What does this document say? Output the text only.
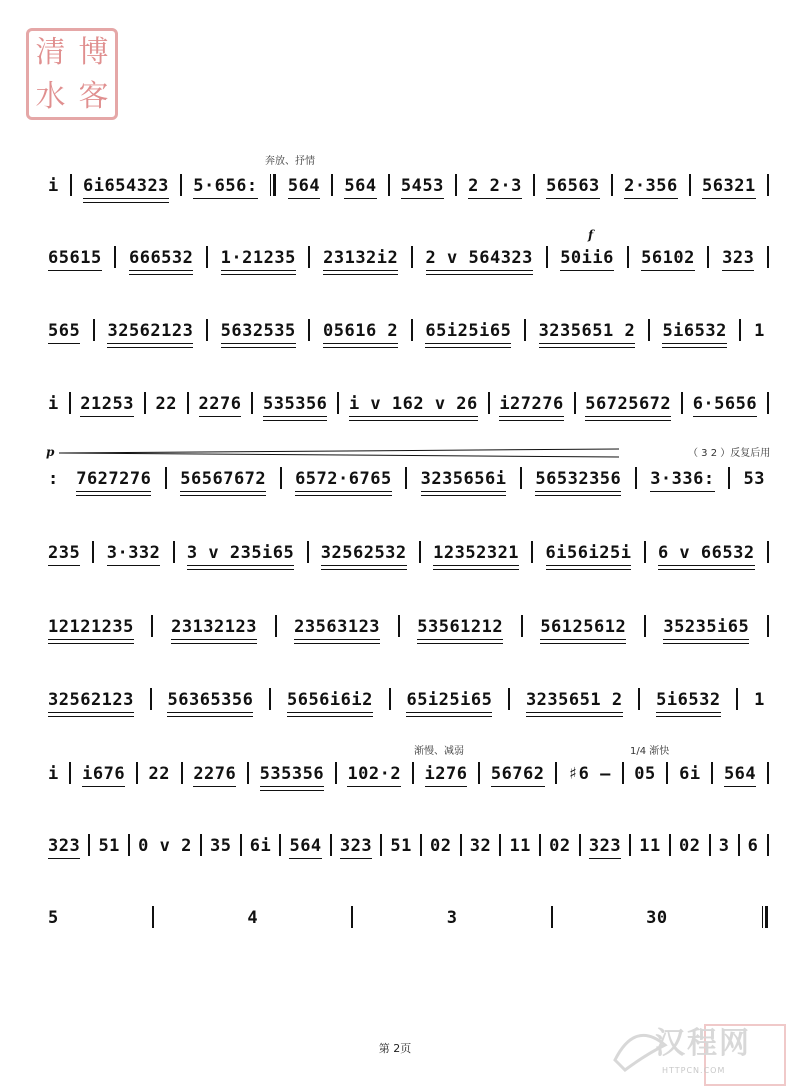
清 博
水 客
奔放、抒情
f
p	（ 3 2 ）反复后用
渐慢、减弱	1/4 渐快
i 6i654323 5·656: 564 564 5453 2 2·3 56563 2·356 56321
65615 666532 1·21235 23132i2 2 v 564323 50ii6 56102 323
565 32562123 5632535 05616 2 65i25i65 3235651 2 5i6532 1
i 21253 22 2276 535356 i v 162 v 26 i27276 56725672 6·5656
: 7627276 56567672 6572·6765 3235656i 56532356 3·336: 53
235 3·332 3 v 235i65 32562532 12352321 6i56i25i 6 v 66532
12121235 23132123 23563123 53561212 56125612 35235i65
32562123 56365356 5656i6i2 65i25i65 3235651 2 5i6532 1
i i676 22 2276 535356 102·2 i276 56762 ♯6 – 05 6i 564
323 51 0 v 2 35 6i 564 323 51 02 32 11 02 323 11 02 3 6
5	4	3	30
第 2页	汉程网
HTTPCN.COM
